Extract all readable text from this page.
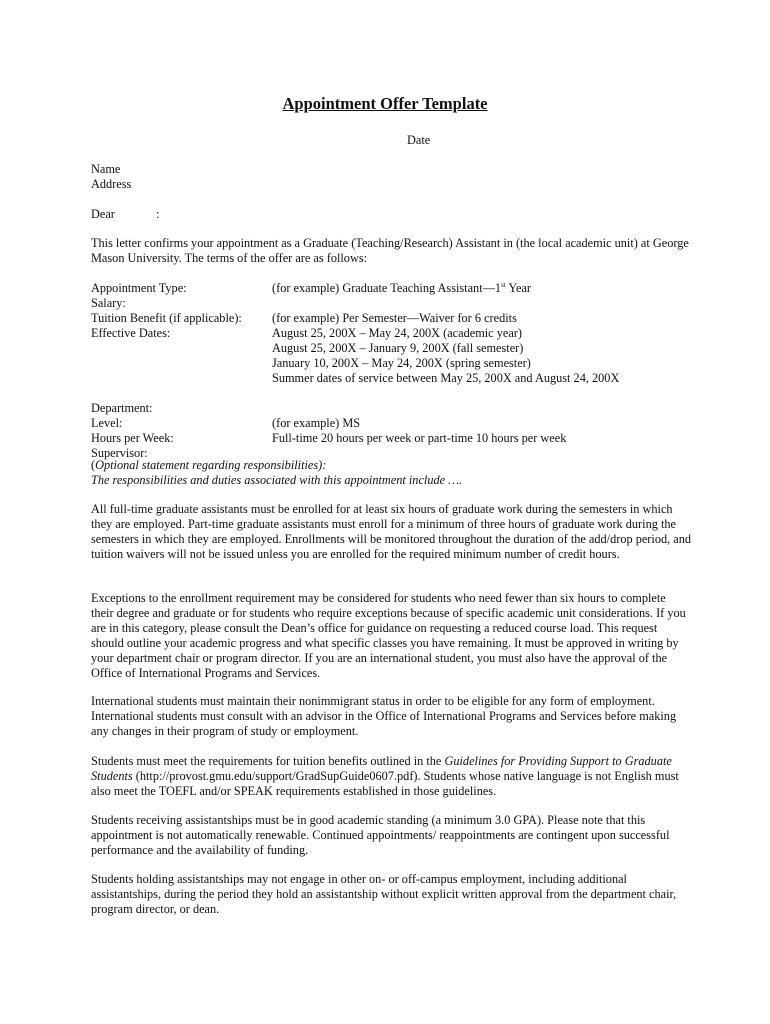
Appointment Offer Template
Date
Name
Address
Dear	:
This letter confirms your appointment as a Graduate (Teaching/Research) Assistant in (the local academic unit) at George Mason University. The terms of the offer are as follows:
Appointment Type:	(for example) Graduate Teaching Assistant—1st Year
Salary:
Tuition Benefit (if applicable): (for example) Per Semester—Waiver for 6 credits
Effective Dates:	August 25, 200X – May 24, 200X (academic year)
August 25, 200X – January 9, 200X (fall semester)
January 10, 200X – May 24, 200X (spring semester)
Summer dates of service between May 25, 200X and August 24, 200X
Department:
Level:	(for example) MS
Hours per Week:	Full-time 20 hours per week or part-time 10 hours per week
Supervisor:
(Optional statement regarding responsibilities):
The responsibilities and duties associated with this appointment include ….
All full-time graduate assistants must be enrolled for at least six hours of graduate work during the semesters in which they are employed. Part-time graduate assistants must enroll for a minimum of three hours of graduate work during the semesters in which they are employed. Enrollments will be monitored throughout the duration of the add/drop period, and tuition waivers will not be issued unless you are enrolled for the required minimum number of credit hours.
Exceptions to the enrollment requirement may be considered for students who need fewer than six hours to complete their degree and graduate or for students who require exceptions because of specific academic unit considerations. If you are in this category, please consult the Dean’s office for guidance on requesting a reduced course load. This request should outline your academic progress and what specific classes you have remaining. It must be approved in writing by your department chair or program director. If you are an international student, you must also have the approval of the Office of International Programs and Services.
International students must maintain their nonimmigrant status in order to be eligible for any form of employment. International students must consult with an advisor in the Office of International Programs and Services before making any changes in their program of study or employment.
Students must meet the requirements for tuition benefits outlined in the Guidelines for Providing Support to Graduate Students (http://provost.gmu.edu/support/GradSupGuide0607.pdf). Students whose native language is not English must also meet the TOEFL and/or SPEAK requirements established in those guidelines.
Students receiving assistantships must be in good academic standing (a minimum 3.0 GPA). Please note that this appointment is not automatically renewable. Continued appointments/ reappointments are contingent upon successful performance and the availability of funding.
Students holding assistantships may not engage in other on- or off-campus employment, including additional assistantships, during the period they hold an assistantship without explicit written approval from the department chair, program director, or dean.
